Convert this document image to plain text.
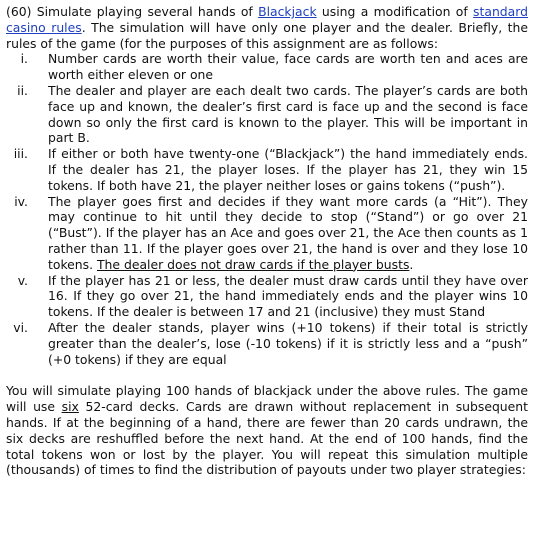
(60) Simulate playing several hands of Blackjack using a modification of standard casino rules. The simulation will have only one player and the dealer. Briefly, the rules of the game (for the purposes of this assignment are as follows:

i. Number cards are worth their value, face cards are worth ten and aces are worth either eleven or one
ii. The dealer and player are each dealt two cards. The player’s cards are both face up and known, the dealer’s first card is face up and the second is face down so only the first card is known to the player. This will be important in part B.
iii. If either or both have twenty-one (“Blackjack”) the hand immediately ends. If the dealer has 21, the player loses. If the player has 21, they win 15 tokens. If both have 21, the player neither loses or gains tokens (“push”).
iv. The player goes first and decides if they want more cards (a “Hit”). They may continue to hit until they decide to stop (“Stand”) or go over 21 (“Bust”). If the player has an Ace and goes over 21, the Ace then counts as 1 rather than 11. If the player goes over 21, the hand is over and they lose 10 tokens. The dealer does not draw cards if the player busts.
v. If the player has 21 or less, the dealer must draw cards until they have over 16. If they go over 21, the hand immediately ends and the player wins 10 tokens. If the dealer is between 17 and 21 (inclusive) they must Stand
vi. After the dealer stands, player wins (+10 tokens) if their total is strictly greater than the dealer’s, lose (-10 tokens) if it is strictly less and a “push” (+0 tokens) if they are equal

You will simulate playing 100 hands of blackjack under the above rules. The game will use six 52-card decks. Cards are drawn without replacement in subsequent hands. If at the beginning of a hand, there are fewer than 20 cards undrawn, the six decks are reshuffled before the next hand. At the end of 100 hands, find the total tokens won or lost by the player. You will repeat this simulation multiple (thousands) of times to find the distribution of payouts under two player strategies:
